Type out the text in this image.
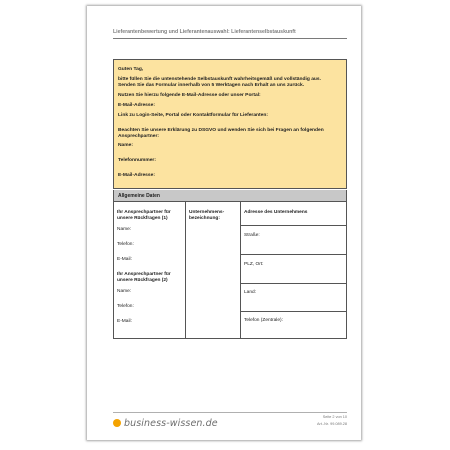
Lieferantenbewertung und Lieferantenauswahl: Lieferantenselbstauskunft
Guten Tag,
bitte füllen Sie die untenstehende Selbstauskunft wahrheitsgemäß und vollständig aus.
Senden Sie das Formular innerhalb von 5 Werktagen nach Erhalt an uns zurück.
Nutzen Sie hierzu folgende E-Mail-Adresse oder unser Portal:
E-Mail-Adresse:
Link zu Login-Seite, Portal oder Kontaktformular für Lieferanten:
Beachten Sie unsere Erklärung zu DSGVO und wenden Sie sich bei Fragen an folgenden
Ansprechpartner:
Name:
Telefonnummer:
E-Mail-Adresse:
Allgemeine Daten
Ihr Ansprechpartner für
unsere Rückfragen (1)
Name:
Telefon:
E-Mail:
Ihr Ansprechpartner für
unsere Rückfragen (2)
Name:
Telefon:
E-Mail:
Unternehmens-
bezeichnung:
Adresse des Unternehmens
Straße:
PLZ, Ort:
Land:
Telefon (Zentrale):
business-wissen.de
Seite 2 von 10
Art.-Nr. 99.089.28
